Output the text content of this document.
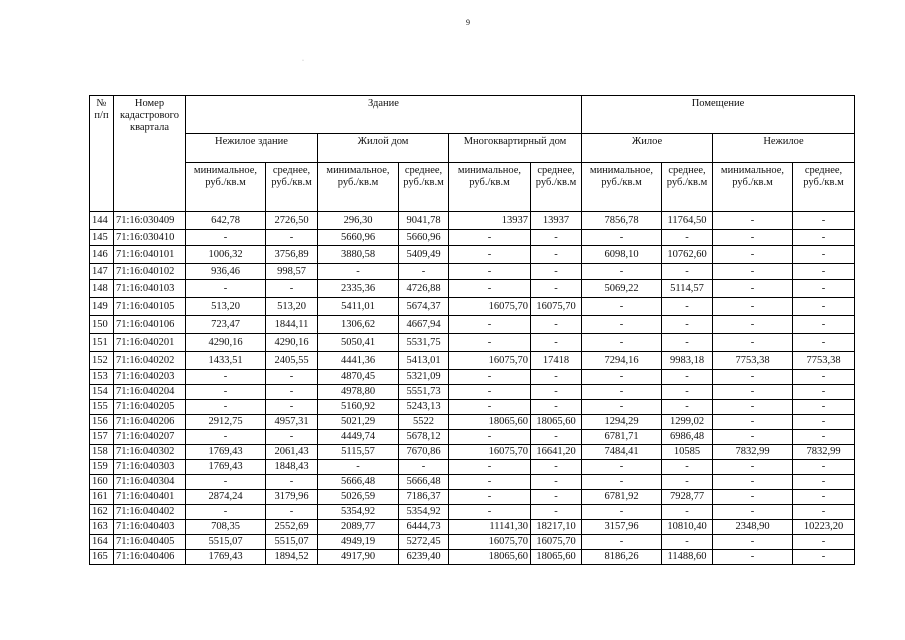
9
·
№ п/п	Номер кадастрового квартала	Здание						Помещение			
		Нежилое здание		Жилой дом		Многоквартирный дом		Жилое		Нежилое	
		минимальное, руб./кв.м	среднее, руб./кв.м	минимальное, руб./кв.м	среднее, руб./кв.м	минимальное, руб./кв.м	среднее, руб./кв.м	минимальное, руб./кв.м	среднее, руб./кв.м	минимальное, руб./кв.м	среднее, руб./кв.м
144	71:16:030409	642,78	2726,50	296,30	9041,78	13937	13937	7856,78	11764,50	-	-
145	71:16:030410	-	-	5660,96	5660,96	-	-	-	-	-	-
146	71:16:040101	1006,32	3756,89	3880,58	5409,49	-	-	6098,10	10762,60	-	-
147	71:16:040102	936,46	998,57	-	-	-	-	-	-	-	-
148	71:16:040103	-	-	2335,36	4726,88	-	-	5069,22	5114,57	-	-
149	71:16:040105	513,20	513,20	5411,01	5674,37	16075,70	16075,70	-	-	-	-
150	71:16:040106	723,47	1844,11	1306,62	4667,94	-	-	-	-	-	-
151	71:16:040201	4290,16	4290,16	5050,41	5531,75	-	-	-	-	-	-
152	71:16:040202	1433,51	2405,55	4441,36	5413,01	16075,70	17418	7294,16	9983,18	7753,38	7753,38
153	71:16:040203	-	-	4870,45	5321,09	-	-	-	-	-	-
154	71:16:040204	-	-	4978,80	5551,73	-	-	-	-	-	-
155	71:16:040205	-	-	5160,92	5243,13	-	-	-	-	-	-
156	71:16:040206	2912,75	4957,31	5021,29	5522	18065,60	18065,60	1294,29	1299,02	-	-
157	71:16:040207	-	-	4449,74	5678,12	-	-	6781,71	6986,48	-	-
158	71:16:040302	1769,43	2061,43	5115,57	7670,86	16075,70	16641,20	7484,41	10585	7832,99	7832,99
159	71:16:040303	1769,43	1848,43	-	-	-	-	-	-	-	-
160	71:16:040304	-	-	5666,48	5666,48	-	-	-	-	-	-
161	71:16:040401	2874,24	3179,96	5026,59	7186,37	-	-	6781,92	7928,77	-	-
162	71:16:040402	-	-	5354,92	5354,92	-	-	-	-	-	-
163	71:16:040403	708,35	2552,69	2089,77	6444,73	11141,30	18217,10	3157,96	10810,40	2348,90	10223,20
164	71:16:040405	5515,07	5515,07	4949,19	5272,45	16075,70	16075,70	-	-	-	-
165	71:16:040406	1769,43	1894,52	4917,90	6239,40	18065,60	18065,60	8186,26	11488,60	-	-
